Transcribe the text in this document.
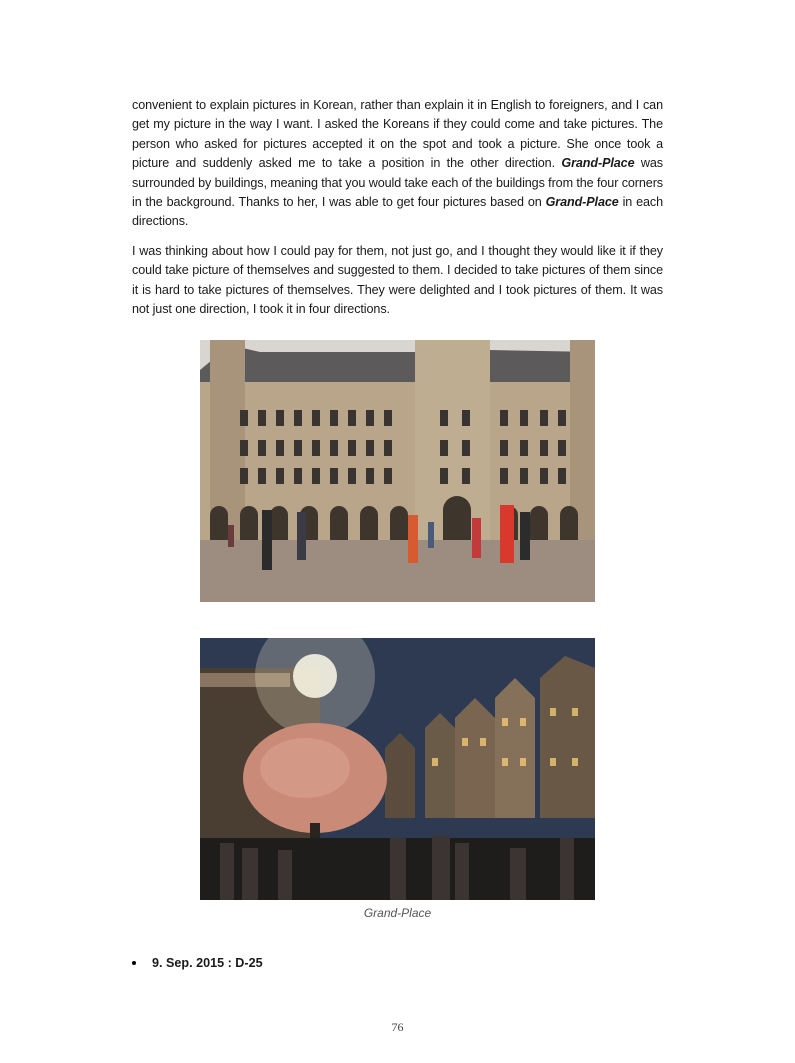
convenient to explain pictures in Korean, rather than explain it in English to foreigners, and I can get my picture in the way I want. I asked the Koreans if they could come and take pictures. The person who asked for pictures accepted it on the spot and took a picture. She once took a picture and suddenly asked me to take a position in the other direction. Grand-Place was surrounded by buildings, meaning that you would take each of the buildings from the four corners in the background. Thanks to her, I was able to get four pictures based on Grand-Place in each directions.

I was thinking about how I could pay for them, not just go, and I thought they would like it if they could take picture of themselves and suggested to them. I decided to take pictures of them since it is hard to take pictures of themselves. They were delighted and I took pictures of them. It was not just one direction, I took it in four directions.

Grand-Place
9. Sep. 2015 : D-25
76
